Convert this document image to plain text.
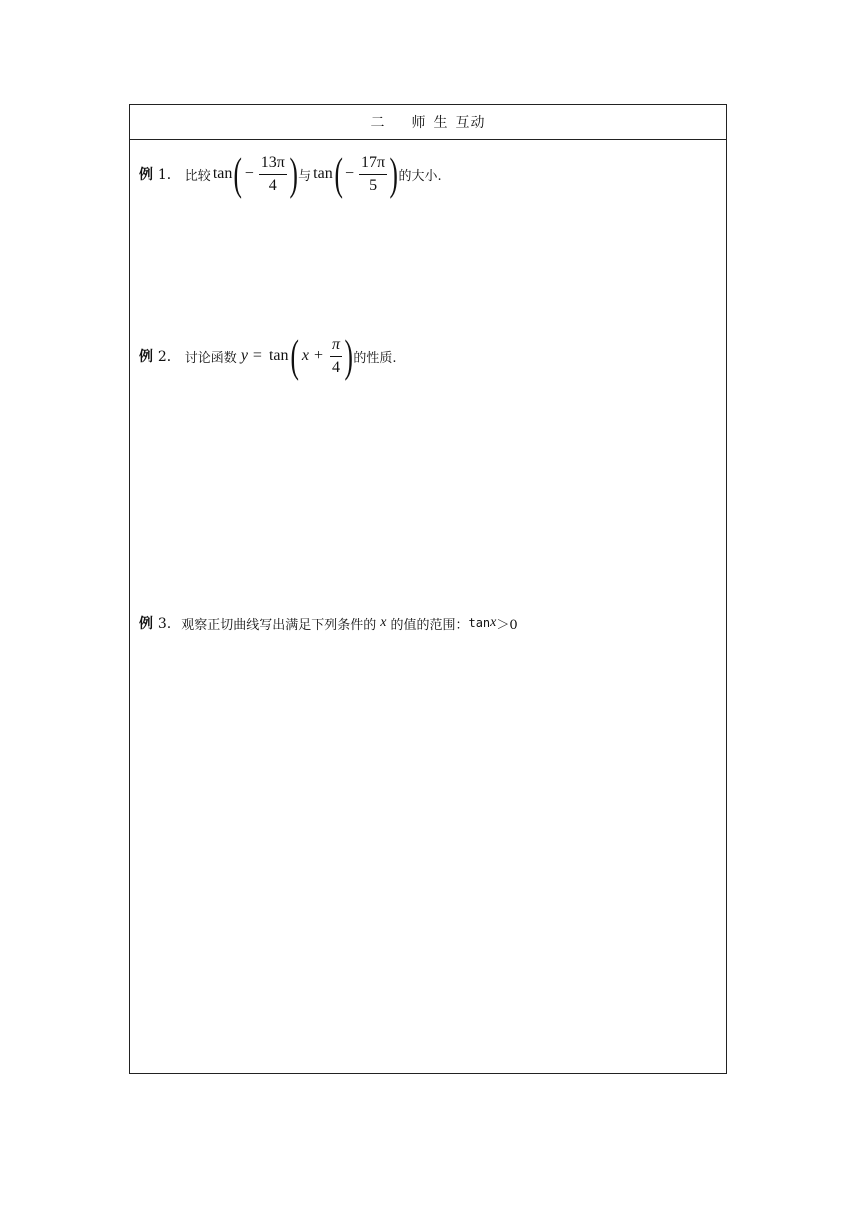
二 师生 互动
例 1． 比较 tan ( − $\frac{13\pi}{4}$ ) 与 tan ( − $\frac{17\pi}{5}$ ) 的大小.
例 2． 讨论函数 y = tan ( $x + \frac{\pi}{4}$ ) 的性质.
例 3. 观察正切曲线写出满足下列条件的 x 的值的范围： tan x ＞0
